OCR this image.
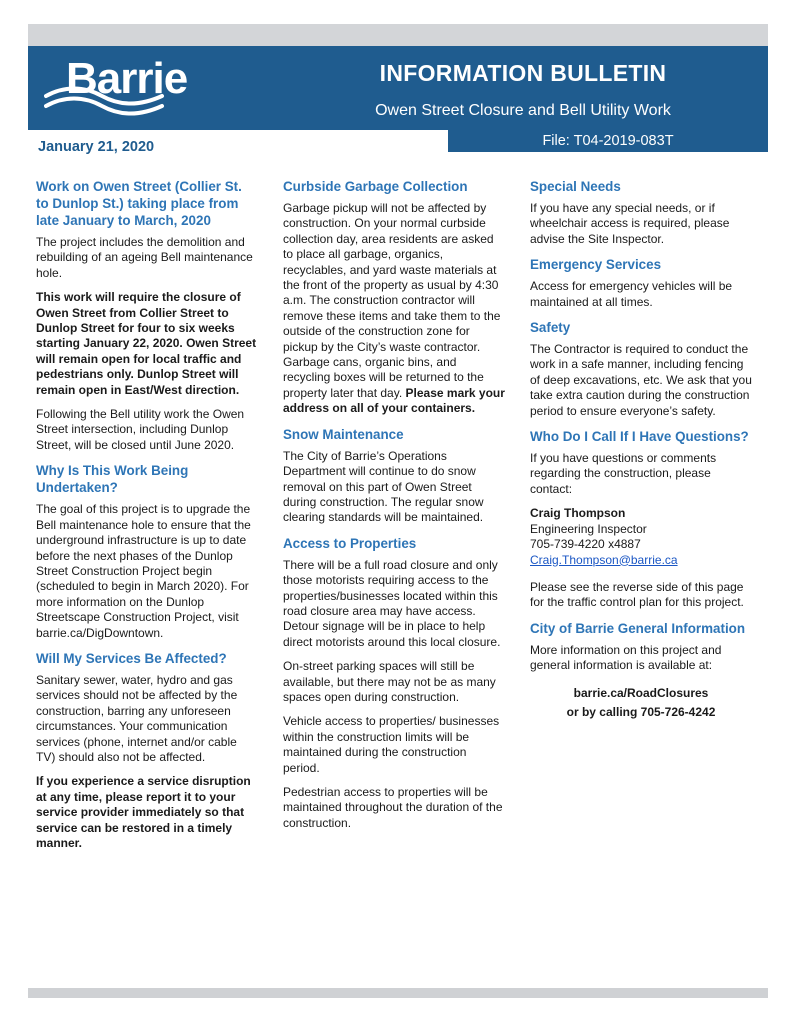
Barrie	INFORMATION BULLETIN
Owen Street Closure and Bell Utility Work
File: T04-2019-083T
January 21, 2020
Work on Owen Street (Collier St. to Dunlop St.) taking place from late January to March, 2020

The project includes the demolition and rebuilding of an ageing Bell maintenance hole.

This work will require the closure of Owen Street from Collier Street to Dunlop Street for four to six weeks starting January 22, 2020. Owen Street will remain open for local traffic and pedestrians only. Dunlop Street will remain open in East/West direction.

Following the Bell utility work the Owen Street intersection, including Dunlop Street, will be closed until June 2020.

Why Is This Work Being Undertaken?

The goal of this project is to upgrade the Bell maintenance hole to ensure that the underground infrastructure is up to date before the next phases of the Dunlop Street Construction Project begin (scheduled to begin in March 2020). For more information on the Dunlop Streetscape Construction Project, visit barrie.ca/DigDowntown.

Will My Services Be Affected?

Sanitary sewer, water, hydro and gas services should not be affected by the construction, barring any unforeseen circumstances. Your communication services (phone, internet and/or cable TV) should also not be affected.

If you experience a service disruption at any time, please report it to your service provider immediately so that service can be restored in a timely manner.

Curbside Garbage Collection

Garbage pickup will not be affected by construction. On your normal curbside collection day, area residents are asked to place all garbage, organics, recyclables, and yard waste materials at the front of the property as usual by 4:30 a.m. The construction contractor will remove these items and take them to the outside of the construction zone for pickup by the City’s waste contractor. Garbage cans, organic bins, and recycling boxes will be returned to the property later that day. Please mark your address on all of your containers.

Snow Maintenance

The City of Barrie’s Operations Department will continue to do snow removal on this part of Owen Street during construction. The regular snow clearing standards will be maintained.

Access to Properties

There will be a full road closure and only those motorists requiring access to the properties/businesses located within this road closure area may have access. Detour signage will be in place to help direct motorists around this local closure.

On-street parking spaces will still be available, but there may not be as many spaces open during construction.

Vehicle access to properties/ businesses within the construction limits will be maintained during the construction period.

Pedestrian access to properties will be maintained throughout the duration of the construction.

Special Needs

If you have any special needs, or if wheelchair access is required, please advise the Site Inspector.

Emergency Services

Access for emergency vehicles will be maintained at all times.

Safety

The Contractor is required to conduct the work in a safe manner, including fencing of deep excavations, etc. We ask that you take extra caution during the construction period to ensure everyone’s safety.

Who Do I Call If I Have Questions?

If you have questions or comments regarding the construction, please contact:

Craig Thompson
Engineering Inspector
705-739-4220 x4887
Craig.Thompson@barrie.ca

Please see the reverse side of this page for the traffic control plan for this project.

City of Barrie General Information

More information on this project and general information is available at:

barrie.ca/RoadClosures

or by calling 705-726-4242
